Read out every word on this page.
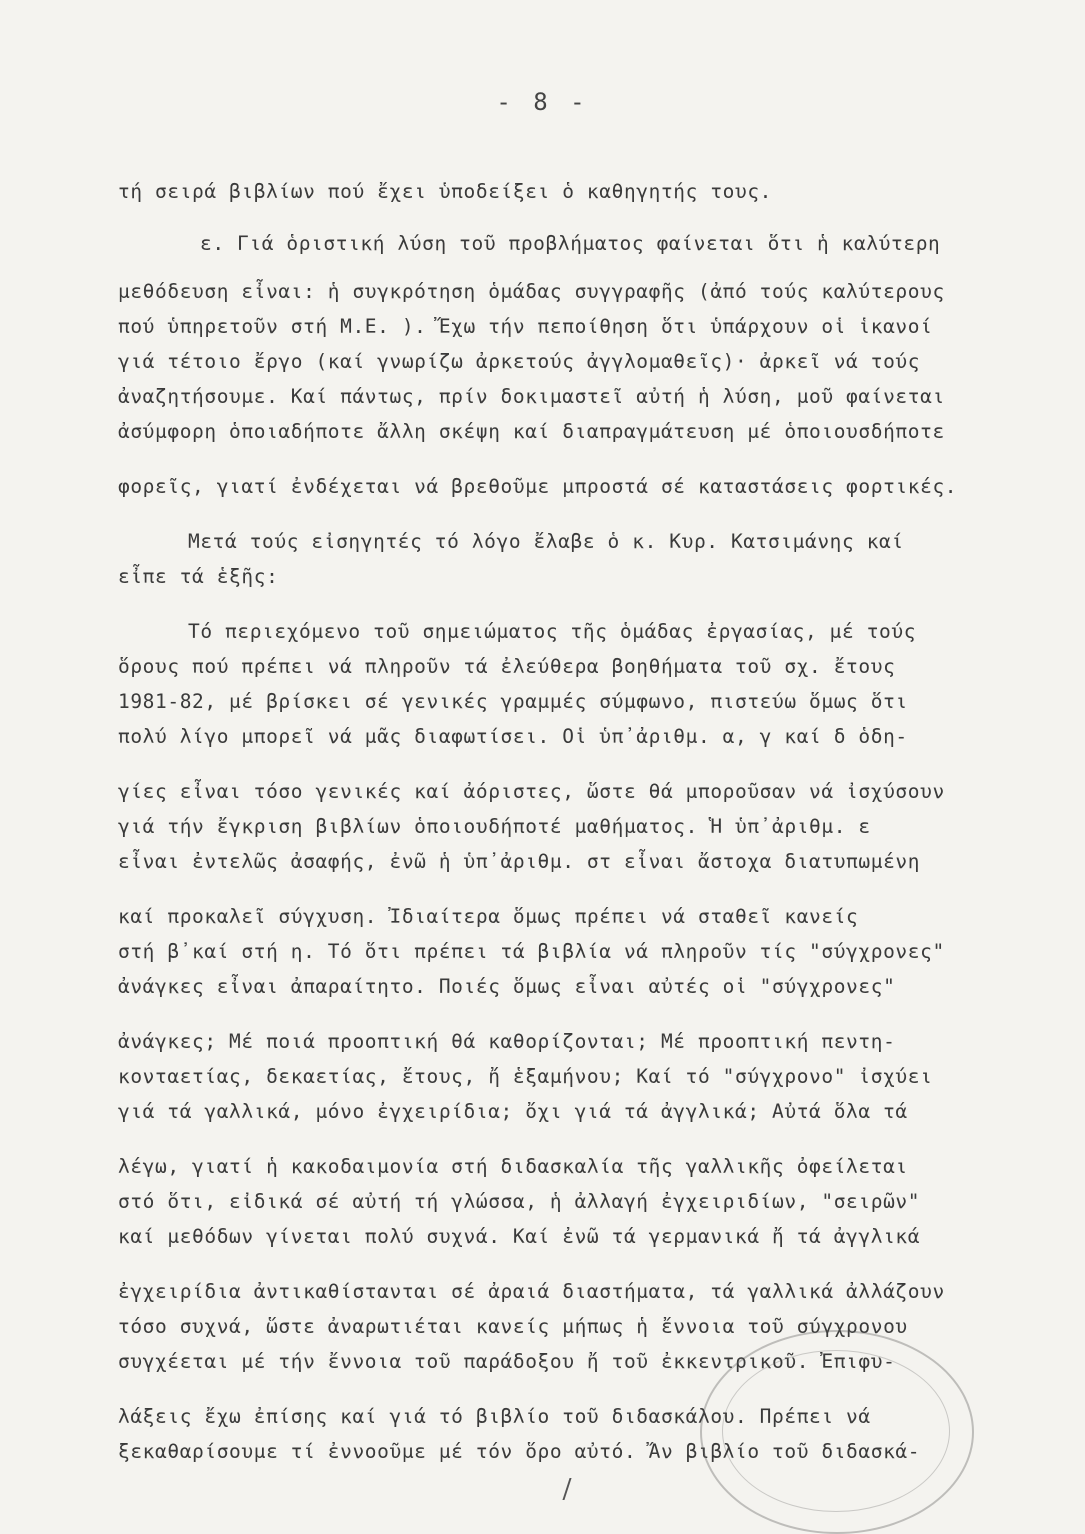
- 8 -
τή σειρά βιβλίων πού ἔχει ὑποδείξει ὁ καθηγητής τους.
ε. Γιά ὁριστική λύση τοῦ προβλήματος φαίνεται ὅτι ἡ καλύτερη
μεθόδευση εἶναι: ἡ συγκρότηση ὁμάδας συγγραφῆς (ἀπό τούς καλύτερους
πού ὑπηρετοῦν στή Μ.Ε. ). Ἔχω τήν πεποίθηση ὅτι ὑπάρχουν οἱ ἱκανοί
γιά τέτοιο ἔργο (καί γνωρίζω ἀρκετούς ἀγγλομαθεῖς)· ἀρκεῖ νά τούς
ἀναζητήσουμε. Καί πάντως, πρίν δοκιμαστεῖ αὐτή ἡ λύση, μοῦ φαίνεται
ἀσύμφορη ὁποιαδήποτε ἄλλη σκέψη καί διαπραγμάτευση μέ ὁποιουσδήποτε
φορεῖς, γιατί ἐνδέχεται νά βρεθοῦμε μπροστά σέ καταστάσεις φορτικές.
Μετά τούς εἰσηγητές τό λόγο ἔλαβε ὁ κ. Κυρ. Κατσιμάνης καί
εἶπε τά ἑξῆς:
Τό περιεχόμενο τοῦ σημειώματος τῆς ὁμάδας ἐργασίας, μέ τούς
ὅρους πού πρέπει νά πληροῦν τά ἐλεύθερα βοηθήματα τοῦ σχ. ἔτους
1981-82, μέ βρίσκει σέ γενικές γραμμές σύμφωνο, πιστεύω ὅμως ὅτι
πολύ λίγο μπορεῖ νά μᾶς διαφωτίσει. Οἱ ὑπ᾽ἀριθμ. α, γ καί δ ὁδη-
γίες εἶναι τόσο γενικές καί ἀόριστες, ὥστε θά μποροῦσαν νά ἰσχύσουν
γιά τήν ἔγκριση βιβλίων ὁποιουδήποτέ μαθήματος. Ἡ ὑπ᾽ἀριθμ. ε
εἶναι ἐντελῶς ἀσαφής, ἐνῶ ἡ ὑπ᾽ἀριθμ. στ εἶναι ἄστοχα διατυπωμένη
καί προκαλεῖ σύγχυση. Ἰδιαίτερα ὅμως πρέπει νά σταθεῖ κανείς
στή β᾽καί στή η. Τό ὅτι πρέπει τά βιβλία νά πληροῦν τίς "σύγχρονες"
ἀνάγκες εἶναι ἀπαραίτητο. Ποιές ὅμως εἶναι αὐτές οἱ "σύγχρονες"
ἀνάγκες; Μέ ποιά προοπτική θά καθορίζονται; Μέ προοπτική πεντη-
κονταετίας, δεκαετίας, ἔτους, ἤ ἑξαμήνου; Καί τό "σύγχρονο" ἰσχύει
γιά τά γαλλικά, μόνο ἐγχειρίδια; ὄχι γιά τά ἀγγλικά; Αὐτά ὅλα τά
λέγω, γιατί ἡ κακοδαιμονία στή διδασκαλία τῆς γαλλικῆς ὀφείλεται
στό ὅτι, εἰδικά σέ αὐτή τή γλώσσα, ἡ ἀλλαγή ἐγχειριδίων, "σειρῶν"
καί μεθόδων γίνεται πολύ συχνά. Καί ἐνῶ τά γερμανικά ἤ τά ἀγγλικά
ἐγχειρίδια ἀντικαθίστανται σέ ἀραιά διαστήματα, τά γαλλικά ἀλλάζουν
τόσο συχνά, ὥστε ἀναρωτιέται κανείς μήπως ἡ ἔννοια τοῦ σύγχρονου
συγχέεται μέ τήν ἔννοια τοῦ παράδοξου ἤ τοῦ ἐκκεντρικοῦ. Ἐπιφυ-
λάξεις ἔχω ἐπίσης καί γιά τό βιβλίο τοῦ διδασκάλου. Πρέπει νά
ξεκαθαρίσουμε τί ἐννοοῦμε μέ τόν ὅρο αὐτό. Ἄν βιβλίο τοῦ διδασκά-
